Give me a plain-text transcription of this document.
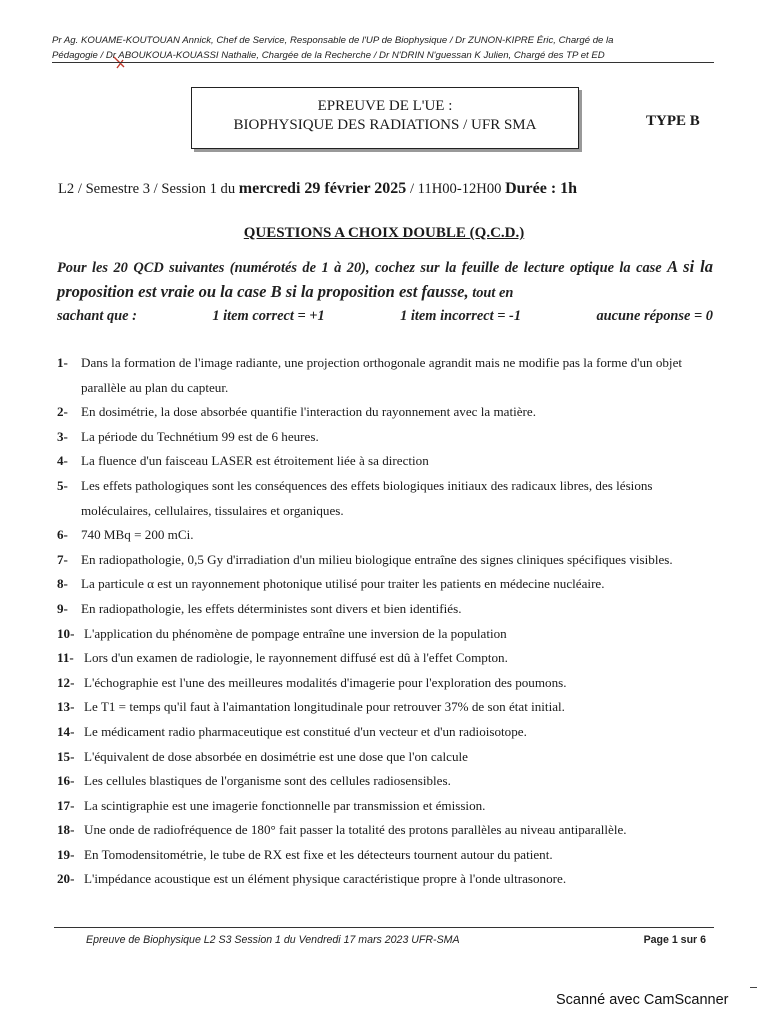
Pr Ag. KOUAME-KOUTOUAN Annick, Chef de Service, Responsable de l'UP de Biophysique / Dr ZUNON-KIPRE Éric, Chargé de la
Pédagogie / Dr ABOUKOUA-KOUASSI Nathalie, Chargée de la Recherche / Dr N'DRIN N'guessan K Julien, Chargé des TP et ED
EPREUVE DE L'UE :
BIOPHYSIQUE DES RADIATIONS / UFR SMA	TYPE B
L2 / Semestre 3 / Session 1 du mercredi 29 février 2025 / 11H00-12H00 Durée : 1h
QUESTIONS A CHOIX DOUBLE (Q.C.D.)
Pour les 20 QCD suivantes (numérotés de 1 à 20), cochez sur la feuille de lecture optique la case A si la proposition est vraie ou la case B si la proposition est fausse, tout en
sachant que :	1 item correct = +1	1 item incorrect = -1	aucune réponse = 0
1- Dans la formation de l'image radiante, une projection orthogonale agrandit mais ne modifie pas la forme d'un objet parallèle au plan du capteur.
2- En dosimétrie, la dose absorbée quantifie l'interaction du rayonnement avec la matière.
3- La période du Technétium 99 est de 6 heures.
4- La fluence d'un faisceau LASER est étroitement liée à sa direction
5- Les effets pathologiques sont les conséquences des effets biologiques initiaux des radicaux libres, des lésions moléculaires, cellulaires, tissulaires et organiques.
6- 740 MBq = 200 mCi.
7- En radiopathologie, 0,5 Gy d'irradiation d'un milieu biologique entraîne des signes cliniques spécifiques visibles.
8- La particule α est un rayonnement photonique utilisé pour traiter les patients en médecine nucléaire.
9- En radiopathologie, les effets déterministes sont divers et bien identifiés.
10- L'application du phénomène de pompage entraîne une inversion de la population
11- Lors d'un examen de radiologie, le rayonnement diffusé est dû à l'effet Compton.
12- L'échographie est l'une des meilleures modalités d'imagerie pour l'exploration des poumons.
13- Le T1 = temps qu'il faut à l'aimantation longitudinale pour retrouver 37% de son état initial.
14- Le médicament radio pharmaceutique est constitué d'un vecteur et d'un radioisotope.
15- L'équivalent de dose absorbée en dosimétrie est une dose que l'on calcule
16- Les cellules blastiques de l'organisme sont des cellules radiosensibles.
17- La scintigraphie est une imagerie fonctionnelle par transmission et émission.
18- Une onde de radiofréquence de 180° fait passer la totalité des protons parallèles au niveau antiparallèle.
19- En Tomodensitométrie, le tube de RX est fixe et les détecteurs tournent autour du patient.
20- L'impédance acoustique est un élément physique caractéristique propre à l'onde ultrasonore.
Epreuve de Biophysique L2 S3 Session 1 du Vendredi 17 mars 2023 UFR-SMA	Page 1 sur 6
Scanné avec CamScanner
